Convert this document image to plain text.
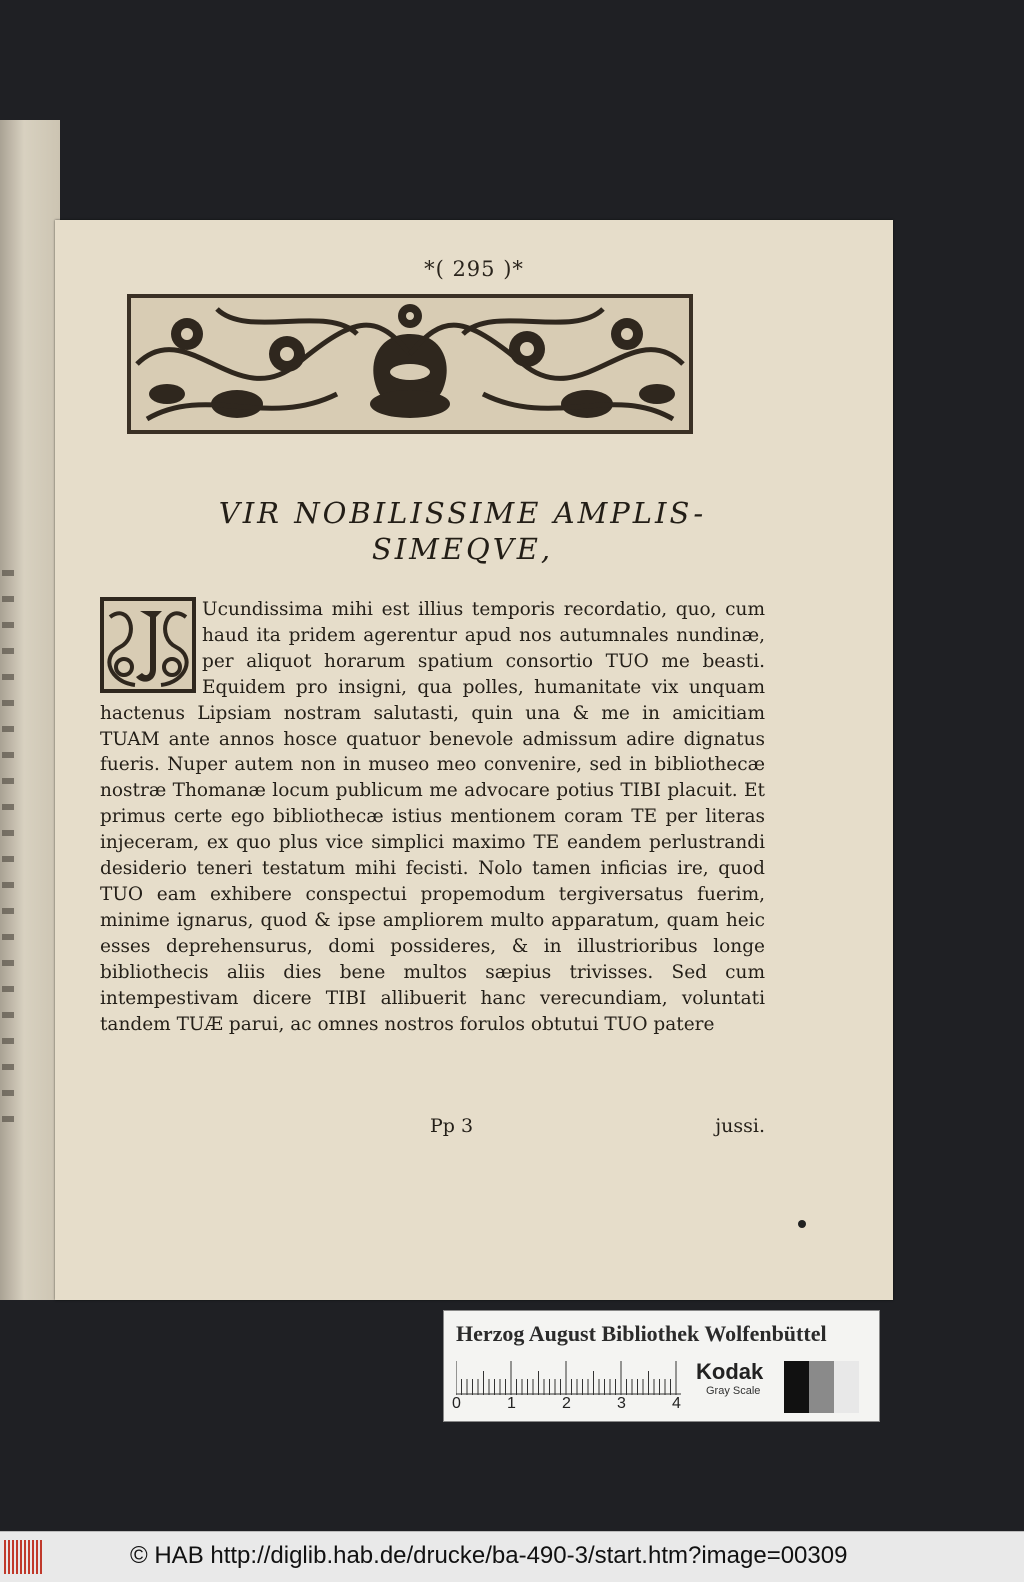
*( 295 )*
VIR NOBILISSIME AMPLIS-
SIMEQVE,
Ucundissima mihi est illius temporis recordatio, quo, cum haud ita pridem agerentur apud nos autumnales nundinæ, per aliquot horarum spatium consortio TUO me beasti. Equidem pro insigni, qua polles, humanitate vix unquam hactenus Lipsiam nostram salutasti, quin una & me in amicitiam TUAM ante annos hosce quatuor benevole admissum adire dignatus fueris. Nuper autem non in museo meo convenire, sed in bibliothecæ nostræ Thomanæ locum publicum me advocare potius TIBI placuit. Et primus certe ego bibliothecæ istius mentionem coram TE per literas injeceram, ex quo plus vice simplici maximo TE eandem perlustrandi desiderio teneri testatum mihi fecisti. Nolo tamen inficias ire, quod TUO eam exhibere conspectui propemodum tergiversatus fuerim, minime ignarus, quod & ipse ampliorem multo apparatum, quam heic esses deprehensurus, domi possideres, & in illustrioribus longe bibliothecis aliis dies bene multos sæpius trivisses. Sed cum intempestivam dicere TIBI allibuerit hanc verecundiam, voluntati tandem TUÆ parui, ac omnes nostros forulos obtutui TUO patere
Pp 3	jussi.
Herzog August Bibliothek Wolfenbüttel
0	1	2	3	4
Kodak
Gray Scale
© HAB http://diglib.hab.de/drucke/ba-490-3/start.htm?image=00309
